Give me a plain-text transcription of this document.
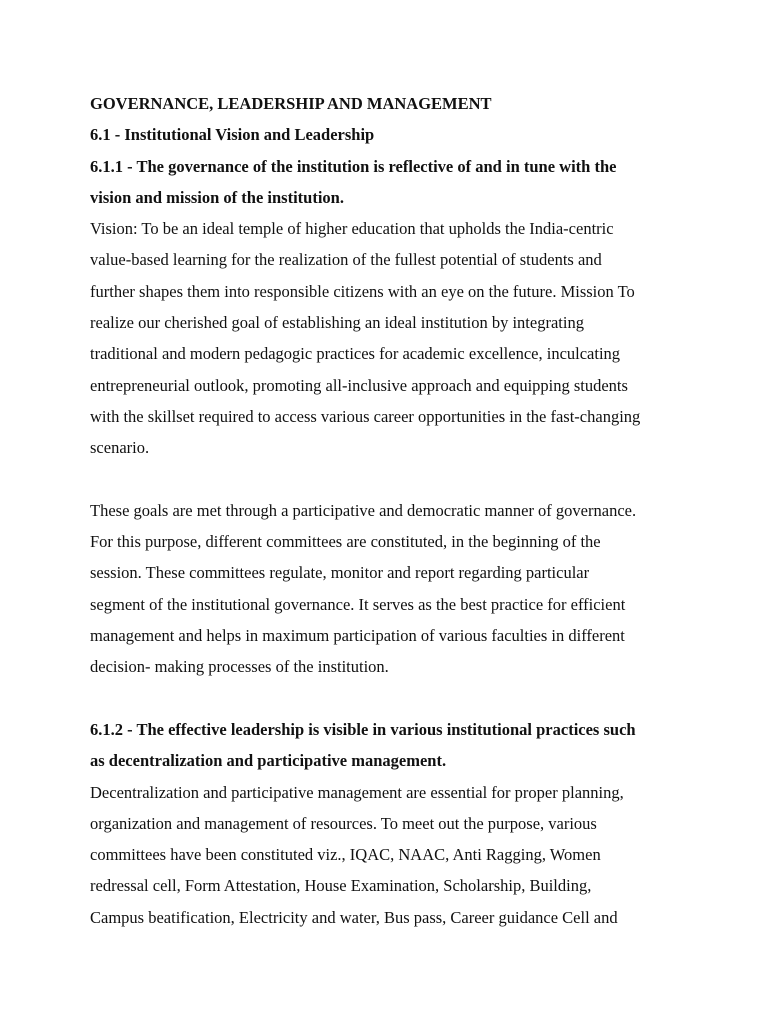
GOVERNANCE, LEADERSHIP AND MANAGEMENT
6.1 - Institutional Vision and Leadership
6.1.1 - The governance of the institution is reflective of and in tune with the
vision and mission of the institution.
Vision: To be an ideal temple of higher education that upholds the India-centric
value-based learning for the realization of the fullest potential of students and
further shapes them into responsible citizens with an eye on the future. Mission To
realize our cherished goal of establishing an ideal institution by integrating
traditional and modern pedagogic practices for academic excellence, inculcating
entrepreneurial outlook, promoting all-inclusive approach and equipping students
with the skillset required to access various career opportunities in the fast-changing
scenario.
These goals are met through a participative and democratic manner of governance.
For this purpose, different committees are constituted, in the beginning of the
session. These committees regulate, monitor and report regarding particular
segment of the institutional governance. It serves as the best practice for efficient
management and helps in maximum participation of various faculties in different
decision- making processes of the institution.
6.1.2 - The effective leadership is visible in various institutional practices such
as decentralization and participative management.
Decentralization and participative management are essential for proper planning,
organization and management of resources. To meet out the purpose, various
committees have been constituted viz., IQAC, NAAC, Anti Ragging, Women
redressal cell, Form Attestation, House Examination, Scholarship, Building,
Campus beatification, Electricity and water, Bus pass, Career guidance Cell and
